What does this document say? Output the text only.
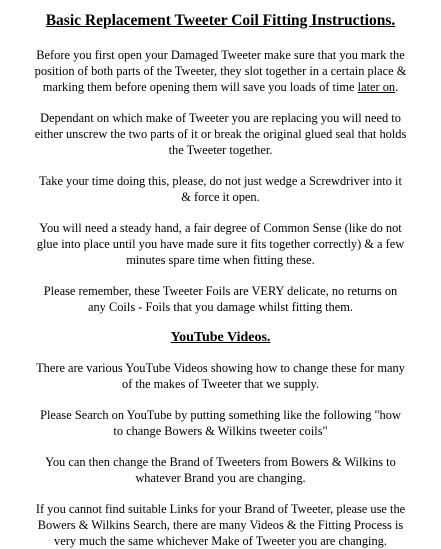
Basic Replacement Tweeter Coil Fitting Instructions.
Before you first open your Damaged Tweeter make sure that you mark the
position of both parts of the Tweeter, they slot together in a certain place &
marking them before opening them will save you loads of time later on.
Dependant on which make of Tweeter you are replacing you will need to
either unscrew the two parts of it or break the original glued seal that holds
the Tweeter together.
Take your time doing this, please, do not just wedge a Screwdriver into it
& force it open.
You will need a steady hand, a fair degree of Common Sense (like do not
glue into place until you have made sure it fits together correctly) & a few
minutes spare time when fitting these.
Please remember, these Tweeter Foils are VERY delicate, no returns on
any Coils - Foils that you damage whilst fitting them.
YouTube Videos.
There are various YouTube Videos showing how to change these for many
of the makes of Tweeter that we supply.
Please Search on YouTube by putting something like the following "how
to change Bowers & Wilkins tweeter coils"
You can then change the Brand of Tweeters from Bowers & Wilkins to
whatever Brand you are changing.
If you cannot find suitable Links for your Brand of Tweeter, please use the
Bowers & Wilkins Search, there are many Videos & the Fitting Process is
very much the same whichever Make of Tweeter you are changing.
